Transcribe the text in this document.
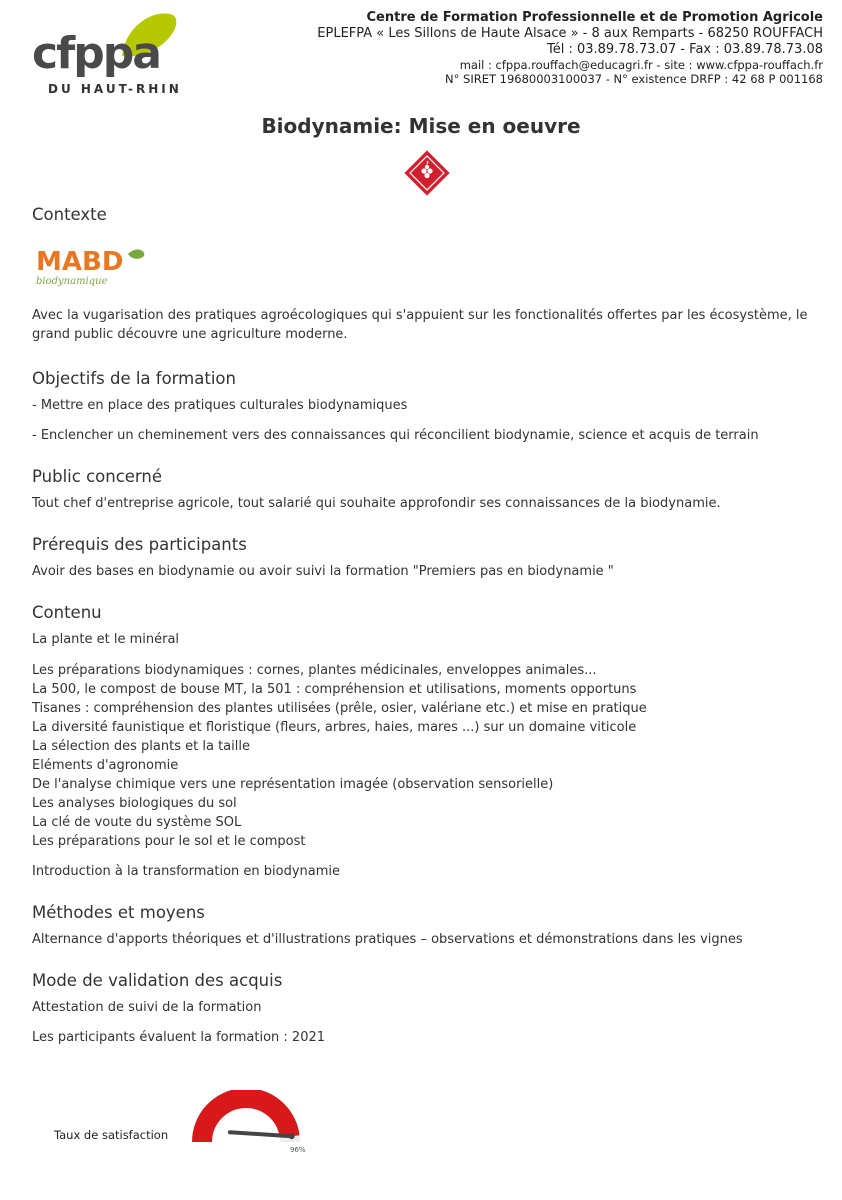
cfppa
DU HAUT-RHIN
Centre de Formation Professionnelle et de Promotion Agricole
EPLEFPA « Les Sillons de Haute Alsace » - 8 aux Remparts - 68250 ROUFFACH
Tél : 03.89.78.73.07 - Fax : 03.89.78.73.08
mail : cfppa.rouffach@educagri.fr - site : www.cfppa-rouffach.fr
N° SIRET 19680003100037 - N° existence DRFP : 42 68 P 001168
Biodynamie: Mise en oeuvre
Contexte
MABD
biodynamique

Avec la vugarisation des pratiques agroécologiques qui s'appuient sur les fonctionalités offertes par les écosystème, le grand public découvre une agriculture moderne.

Objectifs de la formation

- Mettre en place des pratiques culturales biodynamiques

- Enclencher un cheminement vers des connaissances qui réconcilient biodynamie, science et acquis de terrain

Public concerné

Tout chef d'entreprise agricole, tout salarié qui souhaite approfondir ses connaissances de la biodynamie.

Prérequis des participants

Avoir des bases en biodynamie ou avoir suivi la formation "Premiers pas en biodynamie "

Contenu

La plante et le minéral

Les préparations biodynamiques : cornes, plantes médicinales, enveloppes animales...

La 500, le compost de bouse MT, la 501 : compréhension et utilisations, moments opportuns

Tisanes : compréhension des plantes utilisées (prêle, osier, valériane etc.) et mise en pratique

La diversité faunistique et floristique (fleurs, arbres, haies, mares ...) sur un domaine viticole

La sélection des plants et la taille

Eléments d'agronomie

De l'analyse chimique vers une représentation imagée (observation sensorielle)

Les analyses biologiques du sol

La clé de voute du système SOL

Les préparations pour le sol et le compost

Introduction à la transformation en biodynamie

Méthodes et moyens

Alternance d'apports théoriques et d'illustrations pratiques – observations et démonstrations dans les vignes

Mode de validation des acquis

Attestation de suivi de la formation

Les participants évaluent la formation : 2021

Taux de satisfaction
96%
